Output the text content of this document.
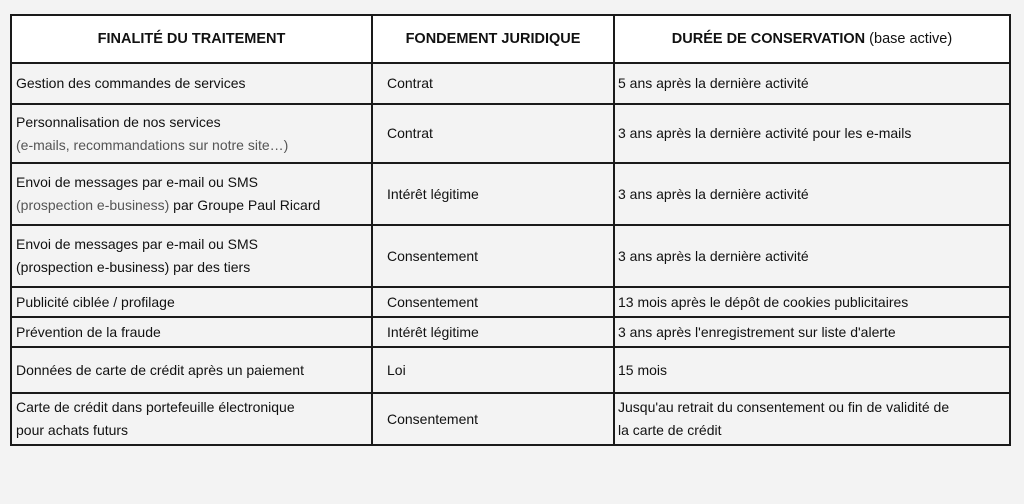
FINALITÉ DU TRAITEMENT	FONDEMENT JURIDIQUE	DURÉE DE CONSERVATION (base active)
Gestion des commandes de services	Contrat	5 ans après la dernière activité

Personnalisation de nos services
(e-mails, recommandations sur notre site…)	Contrat	3 ans après la dernière activité pour les e-mails

Envoi de messages par e-mail ou SMS
(prospection e-business) par Groupe Paul Ricard	Intérêt légitime	3 ans après la dernière activité

Envoi de messages par e-mail ou SMS
(prospection e-business) par des tiers	Consentement	3 ans après la dernière activité
Publicité ciblée / profilage	Consentement	13 mois après le dépôt de cookies publicitaires
Prévention de la fraude	Intérêt légitime	3 ans après l'enregistrement sur liste d'alerte
Données de carte de crédit après un paiement	Loi	15 mois

Carte de crédit dans portefeuille électronique
pour achats futurs	Consentement	Jusqu'au retrait du consentement ou fin de validité de
la carte de crédit
